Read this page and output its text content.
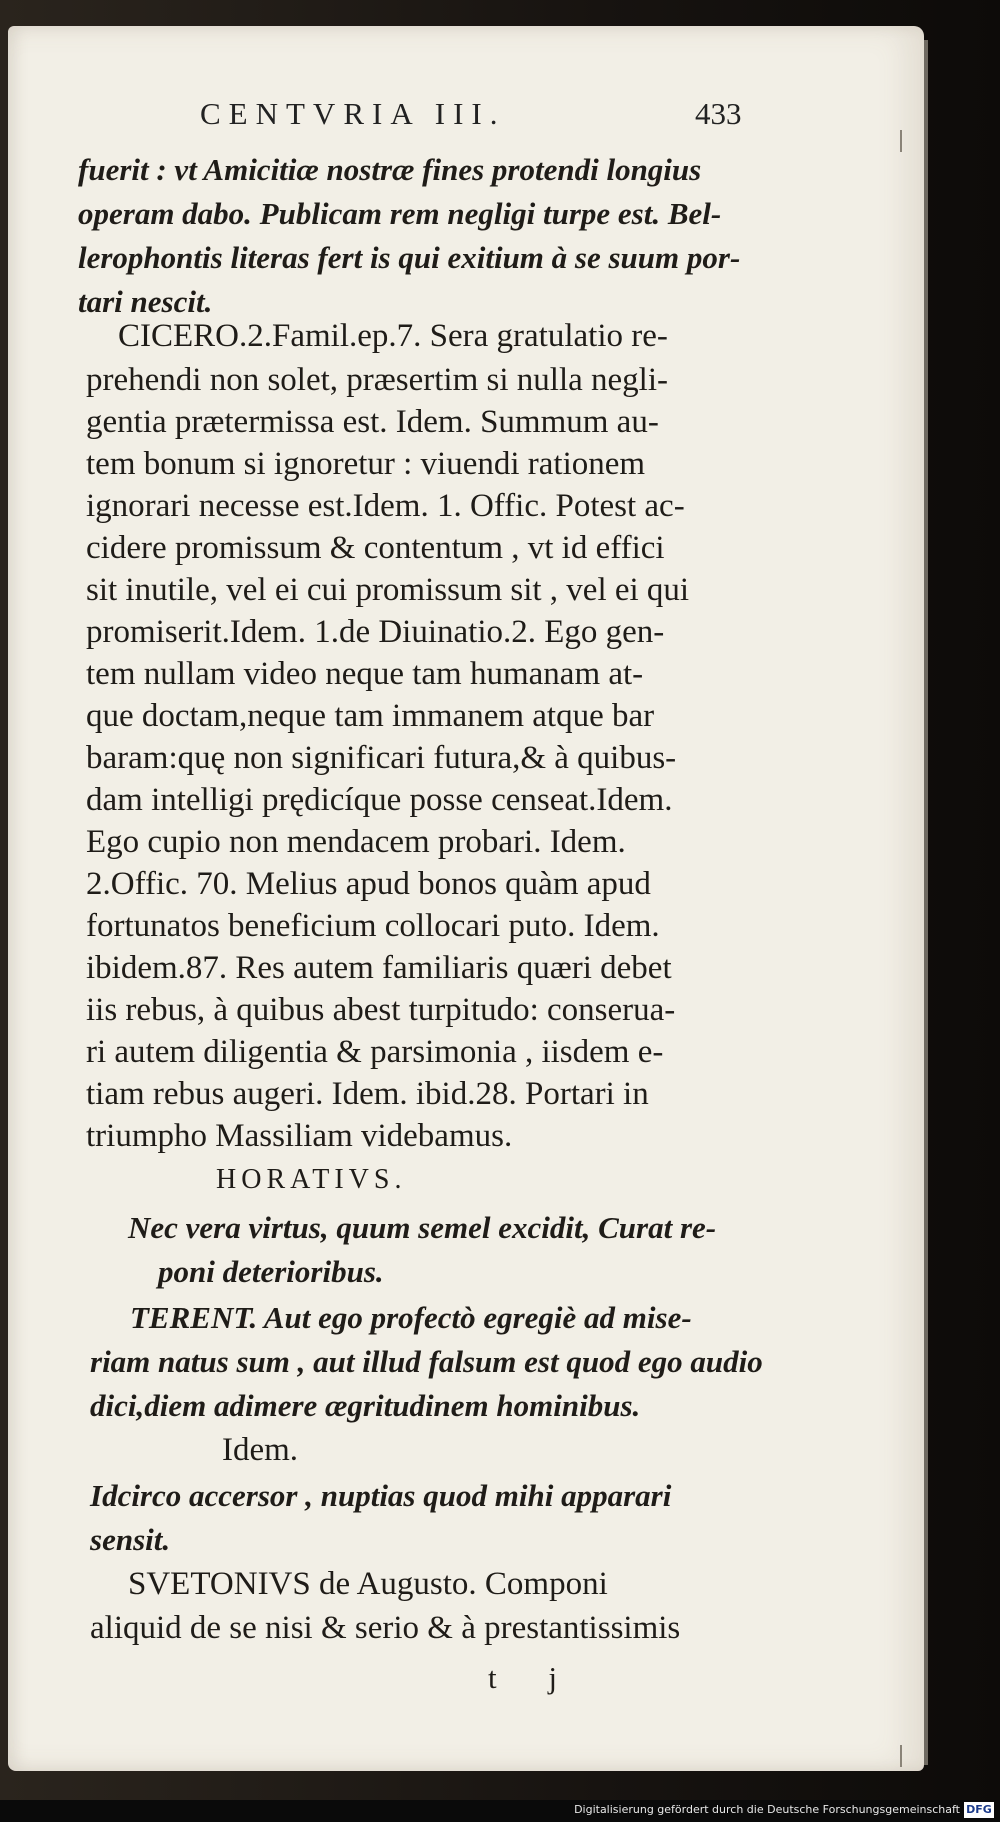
CENTVRIA III.	433
fuerit : vt Amicitiæ nostræ fines protendi longius
operam dabo. Publicam rem negligi turpe est. Bel-
lerophontis literas fert is qui exitium à se suum por-
tari nescit.
CICERO.2.Famil.ep.7. Sera gratulatio re-
prehendi non solet, præsertim si nulla negli-
gentia prætermissa est. Idem. Summum au-
tem bonum si ignoretur : viuendi rationem
ignorari necesse est.Idem. 1. Offic. Potest ac-
cidere promissum & contentum , vt id effici
sit inutile, vel ei cui promissum sit , vel ei qui
promiserit.Idem. 1.de Diuinatio.2. Ego gen-
tem nullam video neque tam humanam at-
que doctam,neque tam immanem atque bar
baram:quę non significari futura,& à quibus-
dam intelligi prędicíque posse censeat.Idem.
Ego cupio non mendacem probari. Idem.
2.Offic. 70. Melius apud bonos quàm apud
fortunatos beneficium collocari puto. Idem.
ibidem.87. Res autem familiaris quæri debet
iis rebus, à quibus abest turpitudo: conserua-
ri autem diligentia & parsimonia , iisdem e-
tiam rebus augeri. Idem. ibid.28. Portari in
triumpho Massiliam videbamus.
HORATIVS.
Nec vera virtus, quum semel excidit, Curat re-
poni deterioribus.
TERENT. Aut ego profectò egregiè ad mise-
riam natus sum , aut illud falsum est quod ego audio
dici,diem adimere ægritudinem hominibus.
Idem.
Idcirco accersor , nuptias quod mihi apparari
sensit.
SVETONIVS de Augusto. Componi
aliquid de se nisi & serio & à prestantissimis
t j
Digitalisierung gefördert durch die Deutsche Forschungsgemeinschaft DFG
